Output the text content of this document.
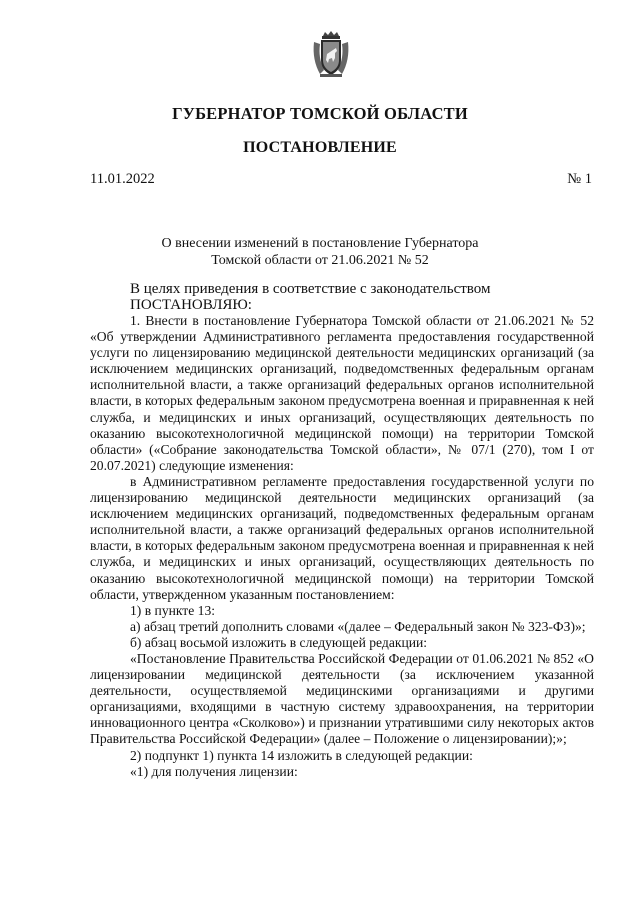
ГУБЕРНАТОР ТОМСКОЙ ОБЛАСТИ
ПОСТАНОВЛЕНИЕ
11.01.2022	№ 1
О внесении изменений в постановление Губернатора
Томской области от 21.06.2021 № 52

В целях приведения в соответствие с законодательством

ПОСТАНОВЛЯЮ:

1. Внести в постановление Губернатора Томской области от 21.06.2021 № 52 «Об утверждении Административного регламента предоставления государственной услуги по лицензированию медицинской деятельности медицинских организаций (за исключением медицинских организаций, подведомственных федеральным органам исполнительной власти, а также организаций федеральных органов исполнительной власти, в которых федеральным законом предусмотрена военная и приравненная к ней служба, и медицинских и иных организаций, осуществляющих деятельность по оказанию высокотехнологичной медицинской помощи) на территории Томской области» («Собрание законодательства Томской области», № 07/1 (270), том I от 20.07.2021) следующие изменения:

в Административном регламенте предоставления государственной услуги по лицензированию медицинской деятельности медицинских организаций (за исключением медицинских организаций, подведомственных федеральным органам исполнительной власти, а также организаций федеральных органов исполнительной власти, в которых федеральным законом предусмотрена военная и приравненная к ней служба, и медицинских и иных организаций, осуществляющих деятельность по оказанию высокотехнологичной медицинской помощи) на территории Томской области, утвержденном указанным постановлением:

1) в пункте 13:

а) абзац третий дополнить словами «(далее – Федеральный закон № 323-ФЗ)»;

б) абзац восьмой изложить в следующей редакции:

«Постановление Правительства Российской Федерации от 01.06.2021 № 852 «О лицензировании медицинской деятельности (за исключением указанной деятельности, осуществляемой медицинскими организациями и другими организациями, входящими в частную систему здравоохранения, на территории инновационного центра «Сколково») и признании утратившими силу некоторых актов Правительства Российской Федерации» (далее – Положение о лицензировании);»;

2) подпункт 1) пункта 14 изложить в следующей редакции:

«1) для получения лицензии:
